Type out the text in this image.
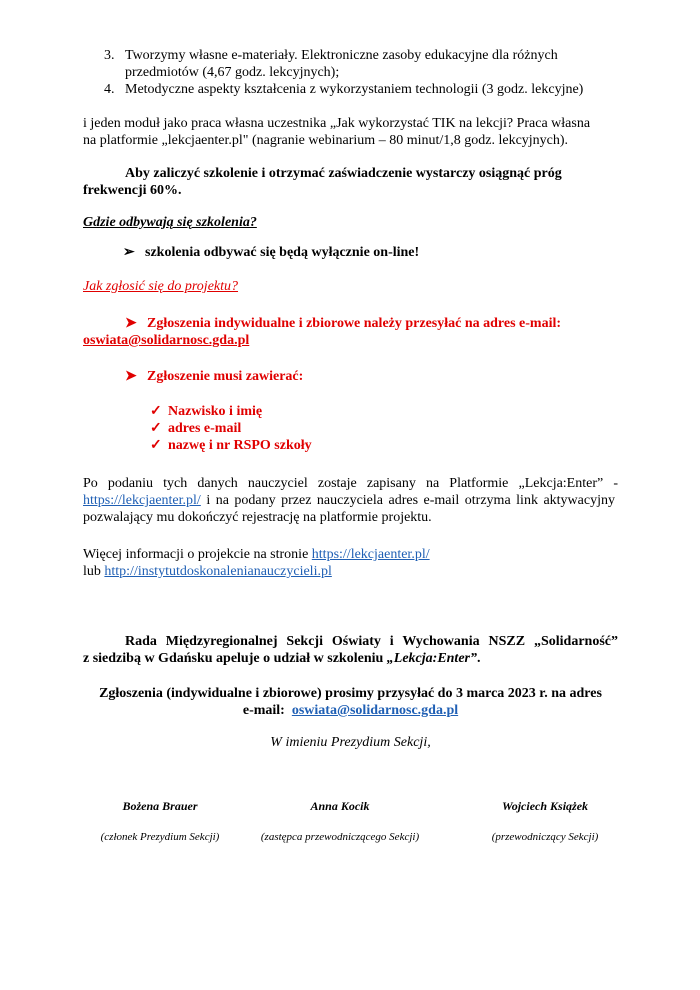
3. Tworzymy własne e-materiały. Elektroniczne zasoby edukacyjne dla różnych
przedmiotów (4,67 godz. lekcyjnych);
4. Metodyczne aspekty kształcenia z wykorzystaniem technologii (3 godz. lekcyjne)
i jeden moduł jako praca własna uczestnika „Jak wykorzystać TIK na lekcji? Praca własna
na platformie „lekcjaenter.pl" (nagranie webinarium – 80 minut/1,8 godz. lekcyjnych).
Aby zaliczyć szkolenie i otrzymać zaświadczenie wystarczy osiągnąć próg
frekwencji 60%.
Gdzie odbywają się szkolenia?
➢ szkolenia odbywać się będą wyłącznie on-line!
Jak zgłosić się do projektu?
➤ Zgłoszenia indywidualne i zbiorowe należy przesyłać na adres e-mail:
oswiata@solidarnosc.gda.pl
➤ Zgłoszenie musi zawierać:
✓ Nazwisko i imię
✓ adres e-mail
✓ nazwę i nr RSPO szkoły
Po podaniu tych danych nauczyciel zostaje zapisany na Platformie „Lekcja:Enter” -
https://lekcjaenter.pl/ i na podany przez nauczyciela adres e-mail otrzyma link aktywacyjny
pozwalający mu dokończyć rejestrację na platformie projektu.
Więcej informacji o projekcie na stronie https://lekcjaenter.pl/
lub http://instytutdoskonalenianauczycieli.pl
Rada Międzyregionalnej Sekcji Oświaty i Wychowania NSZZ „Solidarność”
z siedzibą w Gdańsku apeluje o udział w szkoleniu „Lekcja:Enter”.
Zgłoszenia (indywidualne i zbiorowe) prosimy przysyłać do 3 marca 2023 r. na adres
e-mail:  oswiata@solidarnosc.gda.pl
W imieniu Prezydium Sekcji,
Bożena Brauer
(członek Prezydium Sekcji)
Anna Kocik
(zastępca przewodniczącego Sekcji)
Wojciech Książek
(przewodniczący Sekcji)
